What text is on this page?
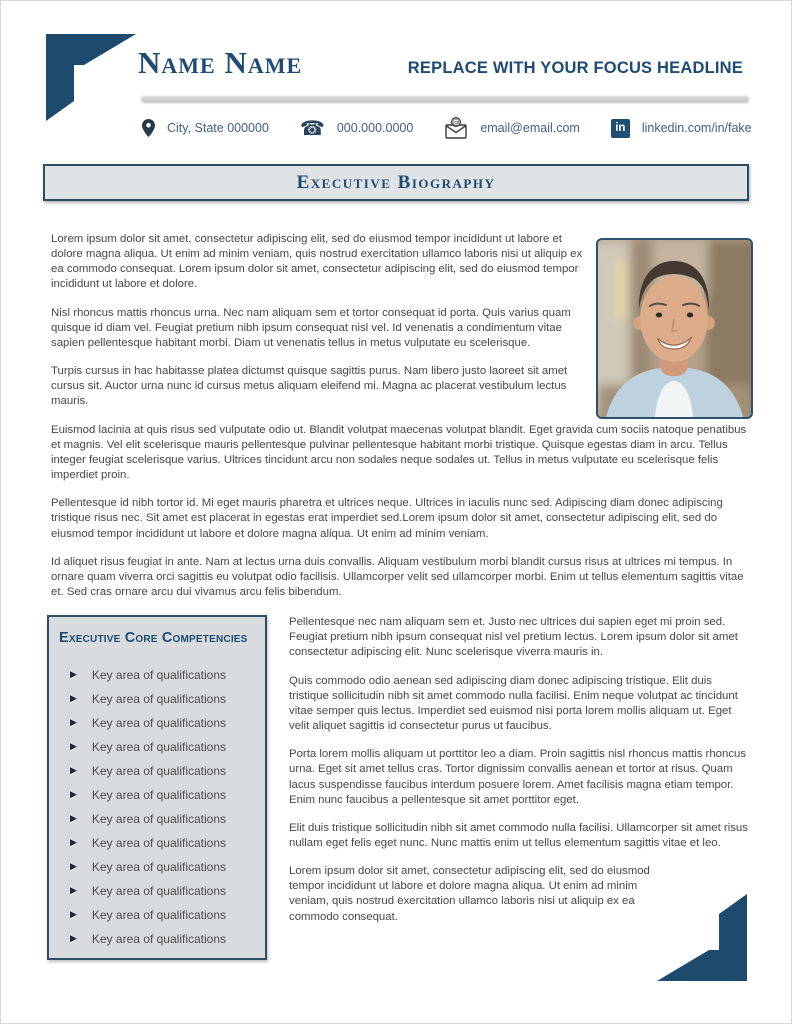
Name Name	REPLACE WITH YOUR FOCUS HEADLINE
City, State 000000 ☎ 000.000.0000	@ email@email.com	in	linkedin.com/in/fake
Executive Biography

Lorem ipsum dolor sit amet, consectetur adipiscing elit, sed do eiusmod tempor incididunt ut labore et dolore magna aliqua. Ut enim ad minim veniam, quis nostrud exercitation ullamco laboris nisi ut aliquip ex ea commodo consequat. Lorem ipsum dolor sit amet, consectetur adipiscing elit, sed do eiusmod tempor incididunt ut labore et dolore.

Nisl rhoncus mattis rhoncus urna. Nec nam aliquam sem et tortor consequat id porta. Quis varius quam quisque id diam vel. Feugiat pretium nibh ipsum consequat nisl vel. Id venenatis a condimentum vitae sapien pellentesque habitant morbi. Diam ut venenatis tellus in metus vulputate eu scelerisque.

Turpis cursus in hac habitasse platea dictumst quisque sagittis purus. Nam libero justo laoreet sit amet cursus sit. Auctor urna nunc id cursus metus aliquam eleifend mi. Magna ac placerat vestibulum lectus mauris.

Euismod lacinia at quis risus sed vulputate odio ut. Blandit volutpat maecenas volutpat blandit. Eget gravida cum sociis natoque penatibus et magnis. Vel elit scelerisque mauris pellentesque pulvinar pellentesque habitant morbi tristique. Quisque egestas diam in arcu. Tellus integer feugiat scelerisque varius. Ultrices tincidunt arcu non sodales neque sodales ut. Tellus in metus vulputate eu scelerisque felis imperdiet proin.

Pellentesque id nibh tortor id. Mi eget mauris pharetra et ultrices neque. Ultrices in iaculis nunc sed. Adipiscing diam donec adipiscing tristique risus nec. Sit amet est placerat in egestas erat imperdiet sed.Lorem ipsum dolor sit amet, consectetur adipiscing elit, sed do eiusmod tempor incididunt ut labore et dolore magna aliqua. Ut enim ad minim veniam.

Id aliquet risus feugiat in ante. Nam at lectus urna duis convallis. Aliquam vestibulum morbi blandit cursus risus at ultrices mi tempus. In ornare quam viverra orci sagittis eu volutpat odio facilisis. Ullamcorper velit sed ullamcorper morbi. Enim ut tellus elementum sagittis vitae et. Sed cras ornare arcu dui vivamus arcu felis bibendum.

Executive Core Competencies
▶ Key area of qualifications
▶ Key area of qualifications
▶ Key area of qualifications
▶ Key area of qualifications
▶ Key area of qualifications
▶ Key area of qualifications
▶ Key area of qualifications
▶ Key area of qualifications
▶ Key area of qualifications
▶ Key area of qualifications
▶ Key area of qualifications
▶ Key area of qualifications

Pellentesque nec nam aliquam sem et. Justo nec ultrices dui sapien eget mi proin sed. Feugiat pretium nibh ipsum consequat nisl vel pretium lectus. Lorem ipsum dolor sit amet consectetur adipiscing elit. Nunc scelerisque viverra mauris in.

Quis commodo odio aenean sed adipiscing diam donec adipiscing tristique. Elit duis tristique sollicitudin nibh sit amet commodo nulla facilisi. Enim neque volutpat ac tincidunt vitae semper quis lectus. Imperdiet sed euismod nisi porta lorem mollis aliquam ut. Eget velit aliquet sagittis id consectetur purus ut faucibus.

Porta lorem mollis aliquam ut porttitor leo a diam. Proin sagittis nisl rhoncus mattis rhoncus urna. Eget sit amet tellus cras. Tortor dignissim convallis aenean et tortor at risus. Quam lacus suspendisse faucibus interdum posuere lorem. Amet facilisis magna etiam tempor. Enim nunc faucibus a pellentesque sit amet porttitor eget.

Elit duis tristique sollicitudin nibh sit amet commodo nulla facilisi. Ullamcorper sit amet risus nullam eget felis eget nunc. Nunc mattis enim ut tellus elementum sagittis vitae et leo.

Lorem ipsum dolor sit amet, consectetur adipiscing elit, sed do eiusmod tempor incididunt ut labore et dolore magna aliqua. Ut enim ad minim veniam, quis nostrud exercitation ullamco laboris nisi ut aliquip ex ea commodo consequat.
